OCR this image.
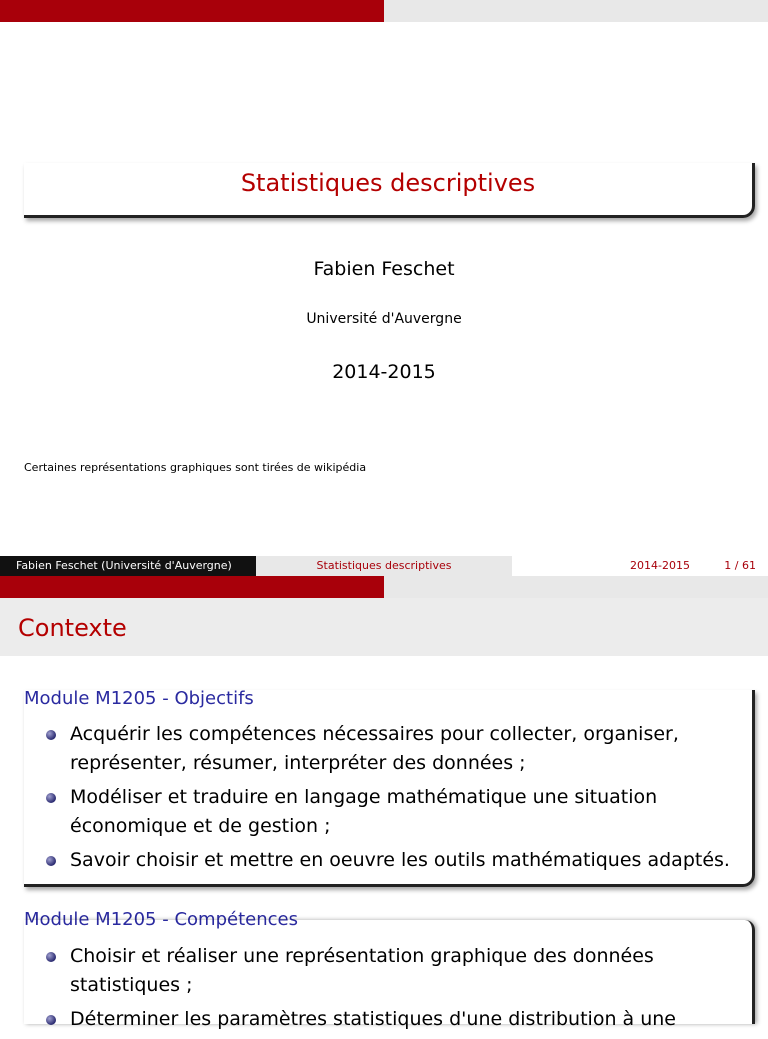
Statistiques descriptives
Fabien Feschet
Université d'Auvergne
2014-2015
Certaines représentations graphiques sont tirées de wikipédia
Fabien Feschet (Université d'Auvergne)	Statistiques descriptives	2014-2015	1 / 61
Contexte
Module M1205 - Objectifs
Acquérir les compétences nécessaires pour collecter, organiser, représenter, résumer, interpréter des données ;
Modéliser et traduire en langage mathématique une situation économique et de gestion ;
Savoir choisir et mettre en oeuvre les outils mathématiques adaptés.
Module M1205 - Compétences
Choisir et réaliser une représentation graphique des données statistiques ;
Déterminer les paramètres statistiques d'une distribution à une
